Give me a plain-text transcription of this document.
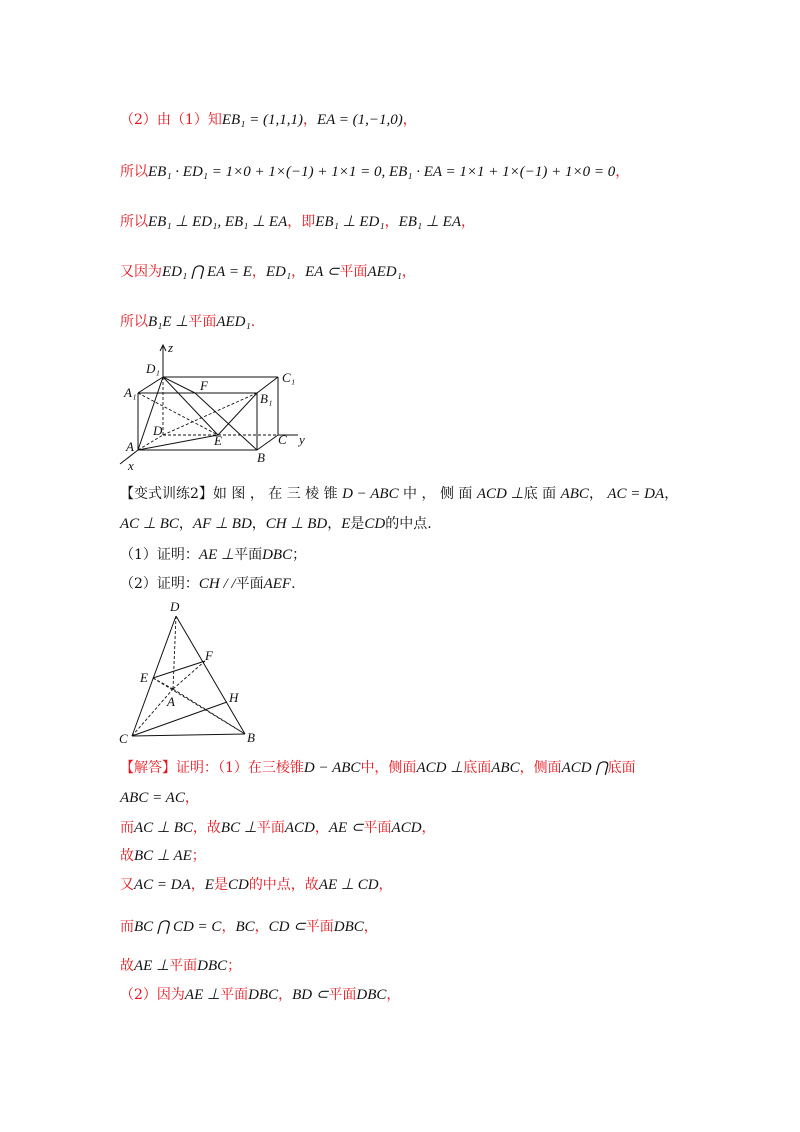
（2）由（1）知EB₁ = (1,1,1)，EA = (1,−1,0)，
所以EB₁ · ED₁ = 1×0 + 1×(−1) + 1×1 = 0, EB₁ · EA = 1×1 + 1×(−1) + 1×0 = 0，
所以EB₁ ⊥ ED₁, EB₁ ⊥ EA，即EB₁ ⊥ ED₁，EB₁ ⊥ EA，
又因为ED₁ ⋂ EA = E，ED₁，EA ⊂平面AED₁，
所以B₁E ⊥平面AED₁.
z
D₁
C₁
A₁	B₁
F
D
E
A
B
C
x
y
【变式训练2】如 图 ， 在 三 棱 锥 D − ABC 中 ， 侧 面 ACD ⊥底 面 ABC， AC = DA，
AC ⊥ BC，AF ⊥ BD，CH ⊥ BD，E是CD的中点.
（1）证明：AE ⊥平面DBC；
（2）证明：CH / /平面AEF.
D
F
E
H
A
C	B
【解答】证明：（1）在三棱锥D − ABC中，侧面ACD ⊥底面ABC，侧面ACD ⋂底面
ABC = AC，
而AC ⊥ BC，故BC ⊥平面ACD，AE ⊂平面ACD，
故BC ⊥ AE；
又AC = DA，E是CD的中点，故AE ⊥ CD，
而BC ⋂ CD = C，BC，CD ⊂平面DBC，
故AE ⊥平面DBC；
（2）因为AE ⊥平面DBC，BD ⊂平面DBC，
